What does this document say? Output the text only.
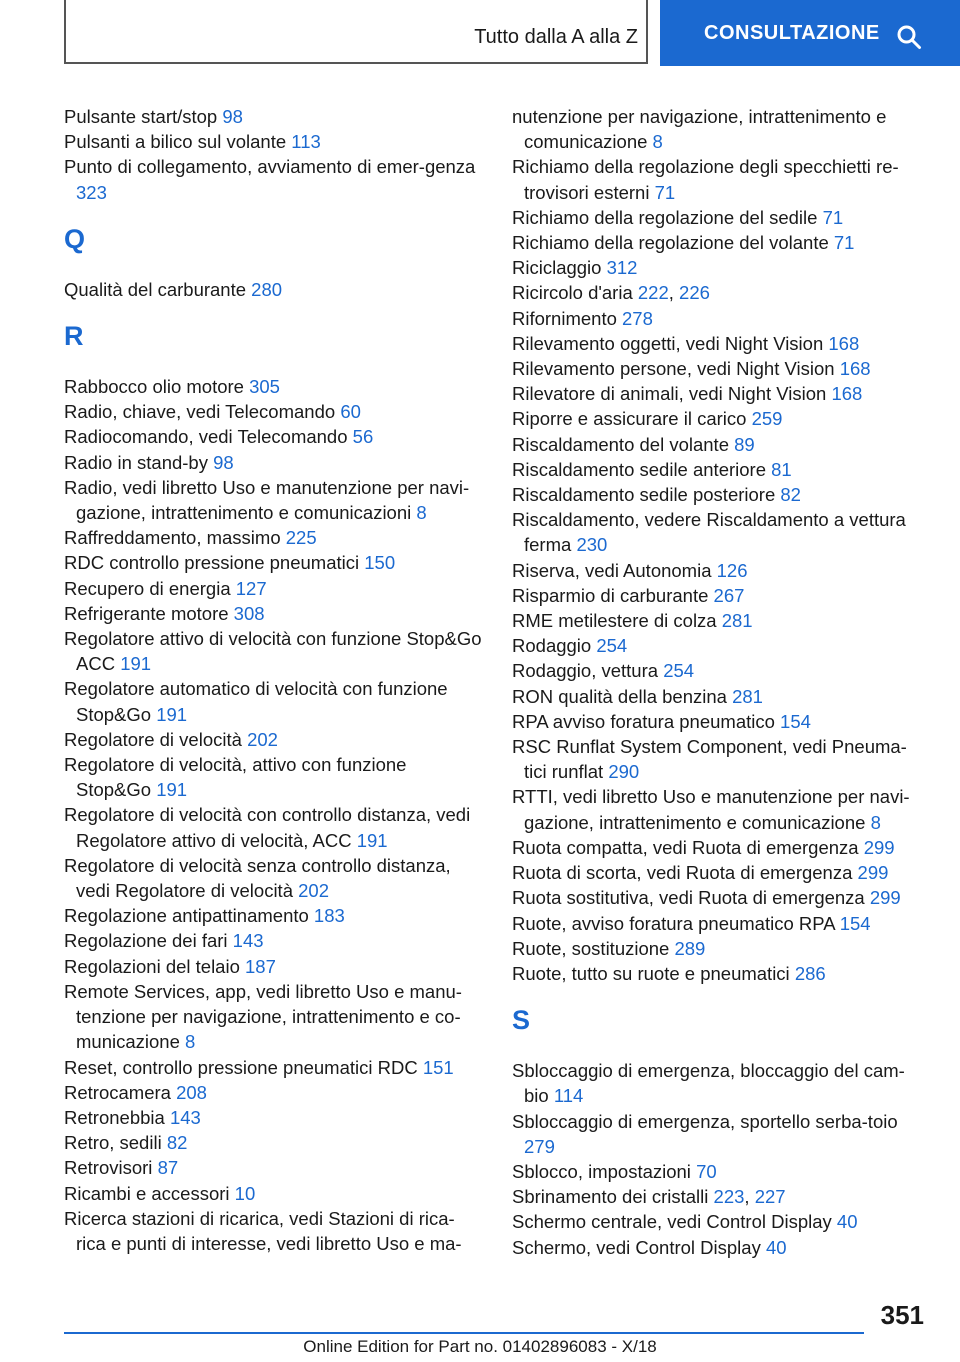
Tutto dalla A alla Z	CONSULTAZIONE
Pulsante start/stop 98
Pulsanti a bilico sul volante 113
Punto di collegamento, avviamento di emer-genza 323
Q
Qualità del carburante 280
R
Rabbocco olio motore 305
Radio, chiave, vedi Telecomando 60
Radiocomando, vedi Telecomando 56
Radio in stand-by 98
Radio, vedi libretto Uso e manutenzione per navi-gazione, intrattenimento e comunicazioni 8
Raffreddamento, massimo 225
RDC controllo pressione pneumatici 150
Recupero di energia 127
Refrigerante motore 308
Regolatore attivo di velocità con funzione Stop&Go ACC 191
Regolatore automatico di velocità con funzione Stop&Go 191
Regolatore di velocità 202
Regolatore di velocità, attivo con funzione Stop&Go 191
Regolatore di velocità con controllo distanza, vedi Regolatore attivo di velocità, ACC 191
Regolatore di velocità senza controllo distanza, vedi Regolatore di velocità 202
Regolazione antipattinamento 183
Regolazione dei fari 143
Regolazioni del telaio 187
Remote Services, app, vedi libretto Uso e manu-tenzione per navigazione, intrattenimento e co-municazione 8
Reset, controllo pressione pneumatici RDC 151
Retrocamera 208
Retronebbia 143
Retro, sedili 82
Retrovisori 87
Ricambi e accessori 10
Ricerca stazioni di ricarica, vedi Stazioni di rica-rica e punti di interesse, vedi libretto Uso e ma-
nutenzione per navigazione, intrattenimento e comunicazione 8
Richiamo della regolazione degli specchietti re-trovisori esterni 71
Richiamo della regolazione del sedile 71
Richiamo della regolazione del volante 71
Riciclaggio 312
Ricircolo d'aria 222, 226
Rifornimento 278
Rilevamento oggetti, vedi Night Vision 168
Rilevamento persone, vedi Night Vision 168
Rilevatore di animali, vedi Night Vision 168
Riporre e assicurare il carico 259
Riscaldamento del volante 89
Riscaldamento sedile anteriore 81
Riscaldamento sedile posteriore 82
Riscaldamento, vedere Riscaldamento a vettura ferma 230
Riserva, vedi Autonomia 126
Risparmio di carburante 267
RME metilestere di colza 281
Rodaggio 254
Rodaggio, vettura 254
RON qualità della benzina 281
RPA avviso foratura pneumatico 154
RSC Runflat System Component, vedi Pneuma-tici runflat 290
RTTI, vedi libretto Uso e manutenzione per navi-gazione, intrattenimento e comunicazione 8
Ruota compatta, vedi Ruota di emergenza 299
Ruota di scorta, vedi Ruota di emergenza 299
Ruota sostitutiva, vedi Ruota di emergenza 299
Ruote, avviso foratura pneumatico RPA 154
Ruote, sostituzione 289
Ruote, tutto su ruote e pneumatici 286
S
Sbloccaggio di emergenza, bloccaggio del cam-bio 114
Sbloccaggio di emergenza, sportello serba-toio 279
Sblocco, impostazioni 70
Sbrinamento dei cristalli 223, 227
Schermo centrale, vedi Control Display 40
Schermo, vedi Control Display 40
351
Online Edition for Part no. 01402896083 - X/18
